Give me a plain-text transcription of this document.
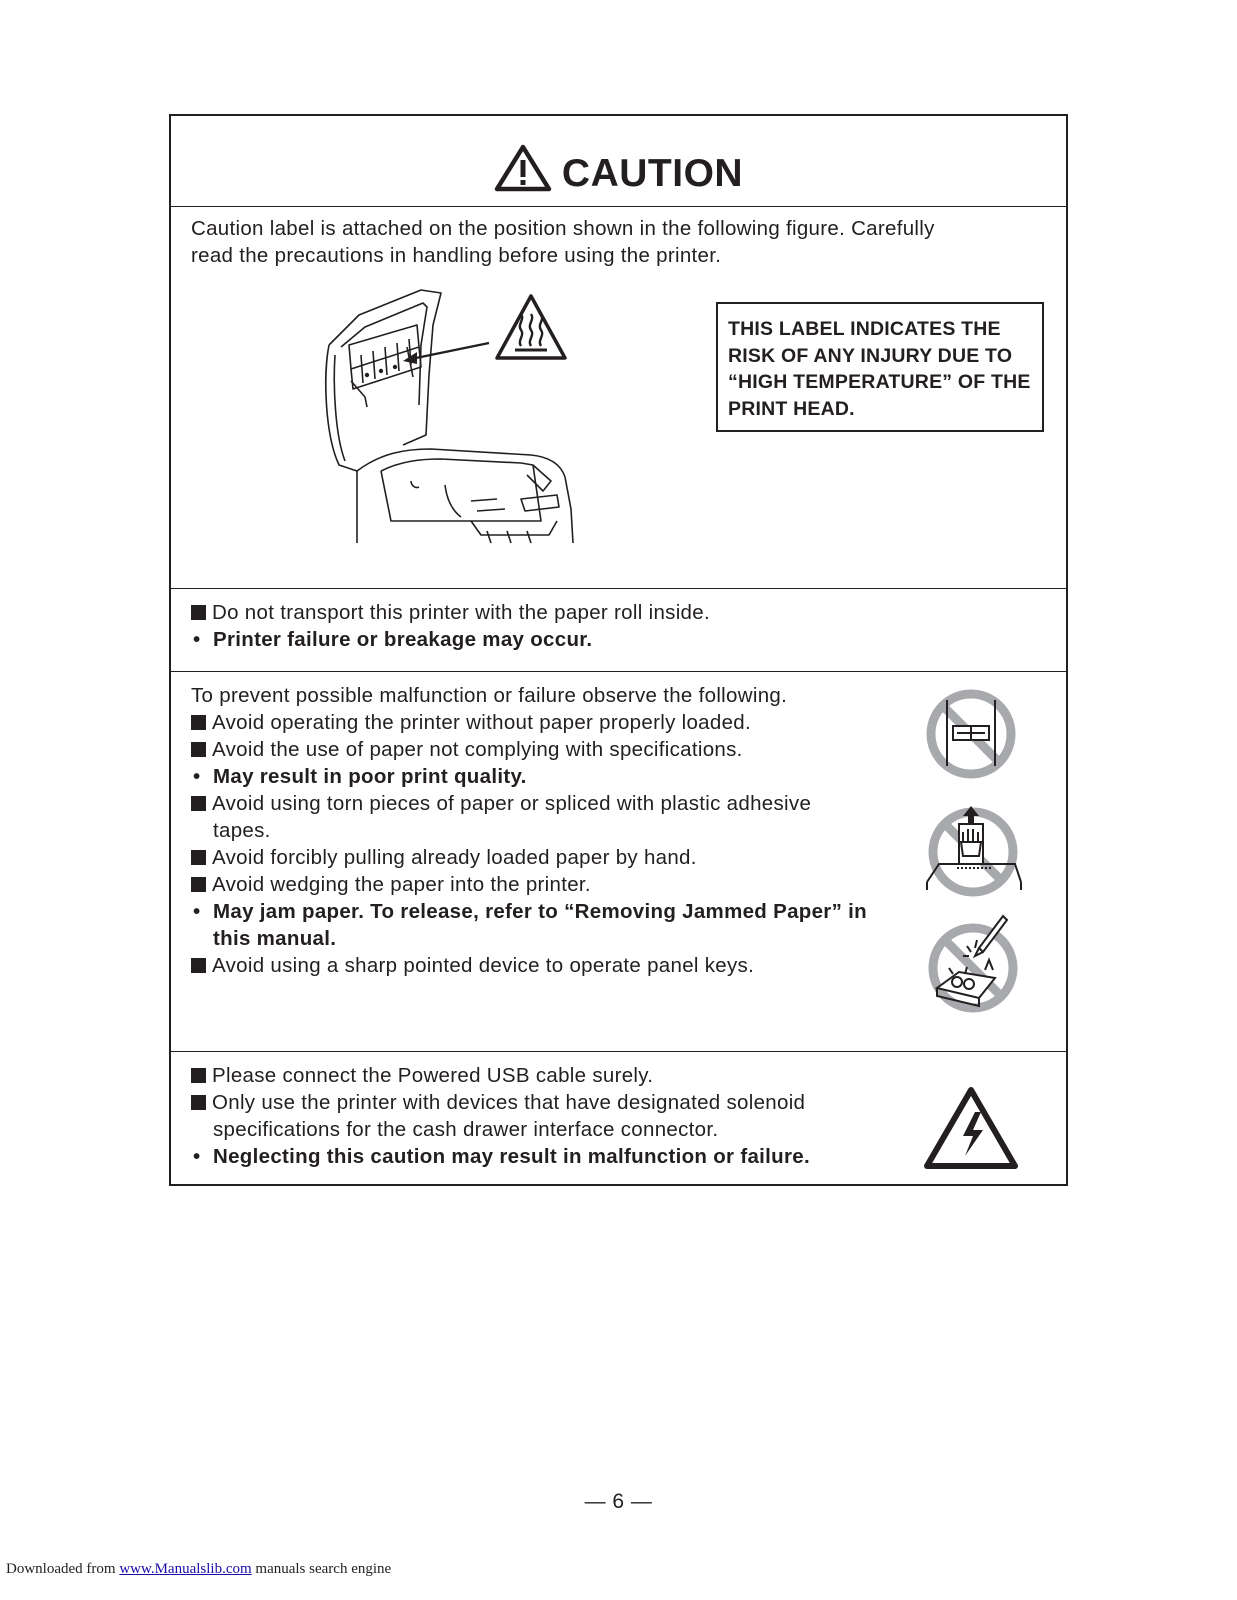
CAUTION
Caution label is attached on the position shown in the following figure. Carefully
read the precautions in handling before using the printer.
THIS LABEL INDICATES THE
RISK OF ANY INJURY DUE TO
“HIGH TEMPERATURE” OF THE
PRINT HEAD.
Do not transport this printer with the paper roll inside.
• Printer failure or breakage may occur.
To prevent possible malfunction or failure observe the following.
Avoid operating the printer without paper properly loaded.
Avoid the use of paper not complying with specifications.
• May result in poor print quality.
Avoid using torn pieces of paper or spliced with plastic adhesive
tapes.
Avoid forcibly pulling already loaded paper by hand.
Avoid wedging the paper into the printer.
• May jam paper. To release, refer to “Removing Jammed Paper” in
this manual.
Avoid using a sharp pointed device to operate panel keys.
Please connect the Powered USB cable surely.
Only use the printer with devices that have designated solenoid
specifications for the cash drawer interface connector.
• Neglecting this caution may result in malfunction or failure.
— 6 —
Downloaded from www.Manualslib.com manuals search engine
